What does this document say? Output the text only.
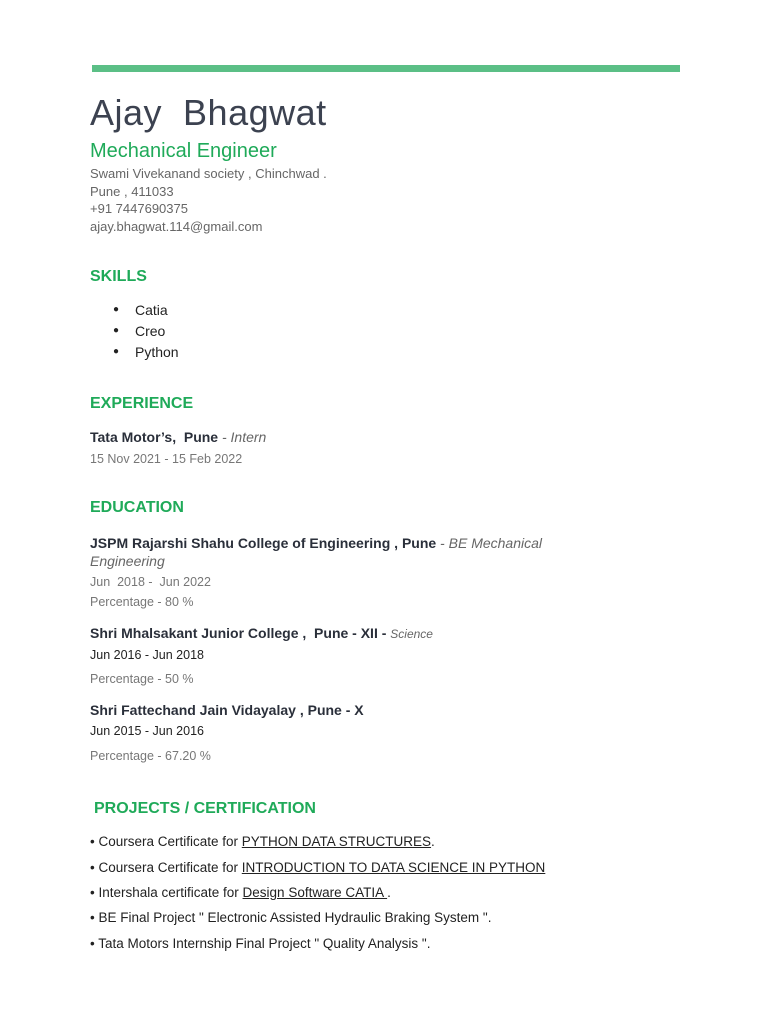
Ajay  Bhagwat
Mechanical Engineer
Swami Vivekanand society , Chinchwad .
Pune , 411033
+91 7447690375
ajay.bhagwat.114@gmail.com
SKILLS
●	Catia
●	Creo
●	Python
EXPERIENCE
Tata Motor’s,  Pune - Intern
15 Nov 2021 - 15 Feb 2022
EDUCATION
JSPM Rajarshi Shahu College of Engineering , Pune - BE Mechanical
Engineering
Jun  2018 -  Jun 2022
Percentage - 80 %
Shri Mhalsakant Junior College ,  Pune - XII - Science
Jun 2016 - Jun 2018
Percentage - 50 %
Shri Fattechand Jain Vidayalay , Pune - X
Jun 2015 - Jun 2016
Percentage - 67.20 %
PROJECTS / CERTIFICATION
• Coursera Certificate for PYTHON DATA STRUCTURES.
• Coursera Certificate for INTRODUCTION TO DATA SCIENCE IN PYTHON
• Intershala certificate for Design Software CATIA .
• BE Final Project " Electronic Assisted Hydraulic Braking System ".
• Tata Motors Internship Final Project " Quality Analysis ".
